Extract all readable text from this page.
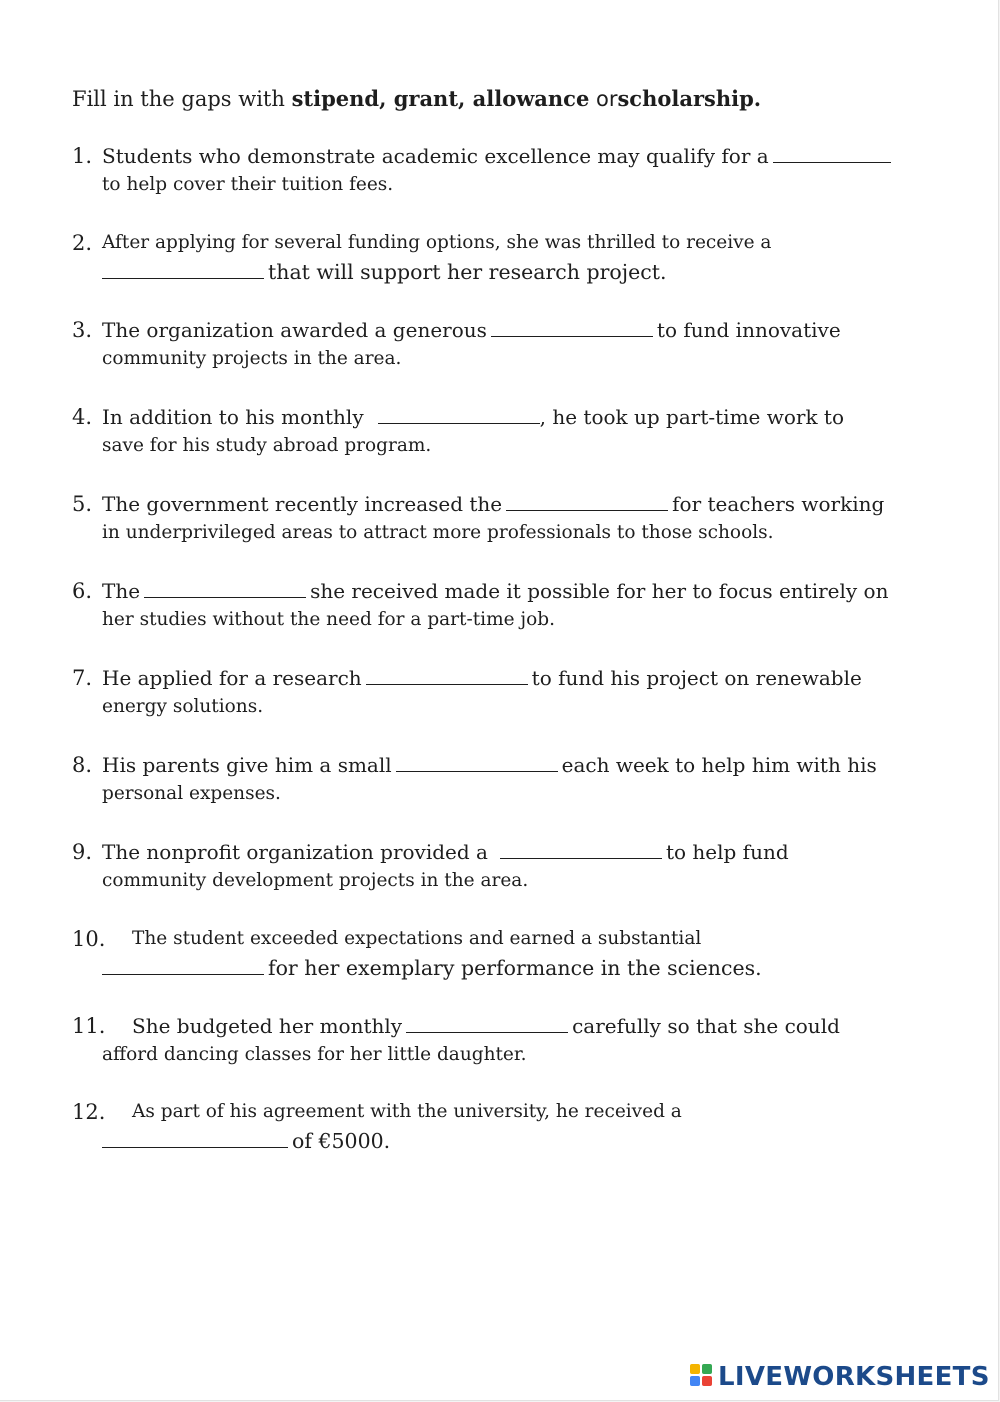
Fill in the gaps with stipend, grant, allowance orscholarship.
1. Students who demonstrate academic excellence may qualify for a
to help cover their tuition fees.
2. After applying for several funding options, she was thrilled to receive a
that will support her research project.
3. The organization awarded a generous	to fund innovative
community projects in the area.
4. In addition to his monthly	, he took up part-time work to
save for his study abroad program.
5. The government recently increased the	for teachers working
in underprivileged areas to attract more professionals to those schools.
6. The	she received made it possible for her to focus entirely on
her studies without the need for a part-time job.
7. He applied for a research	to fund his project on renewable
energy solutions.
8. His parents give him a small	each week to help him with his
personal expenses.
9. The nonprofit organization provided a	to help fund
community development projects in the area.
10. The student exceeded expectations and earned a substantial
for her exemplary performance in the sciences.
11. She budgeted her monthly	carefully so that she could
afford dancing classes for her little daughter.
12. As part of his agreement with the university, he received a
of €5000.
LIVEWORKSHEETS
